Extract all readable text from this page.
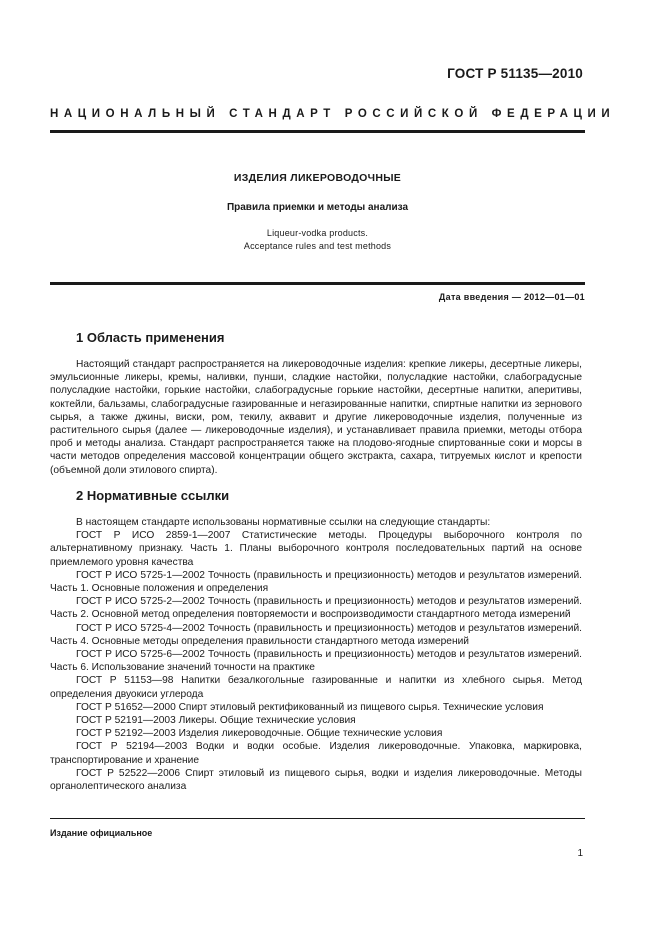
ГОСТ Р 51135—2010
НАЦИОНАЛЬНЫЙ СТАНДАРТ РОССИЙСКОЙ ФЕДЕРАЦИИ
ИЗДЕЛИЯ ЛИКЕРОВОДОЧНЫЕ
Правила приемки и методы анализа
Liqueur-vodka products.
Acceptance rules and test methods
Дата введения — 2012—01—01
1 Область применения

Настоящий стандарт распространяется на ликероводочные изделия: крепкие ликеры, десертные ликеры, эмульсионные ликеры, кремы, наливки, пунши, сладкие настойки, полусладкие настойки, слабоградусные полусладкие настойки, горькие настойки, слабоградусные горькие настойки, десертные напитки, аперитивы, коктейли, бальзамы, слабоградусные газированные и негазированные напитки, спиртные напитки из зернового сырья, а также джины, виски, ром, текилу, аквавит и другие ликероводочные изделия, полученные из растительного сырья (далее — ликероводочные изделия), и устанавливает правила приемки, методы отбора проб и методы анализа. Стандарт распространяется также на плодово-ягодные спиртованные соки и морсы в части методов определения массовой концентрации общего экстракта, сахара, титруемых кислот и крепости (объемной доли этилового спирта).

2 Нормативные ссылки

В настоящем стандарте использованы нормативные ссылки на следующие стандарты:

ГОСТ Р ИСО 2859-1—2007 Статистические методы. Процедуры выборочного контроля по альтернативному признаку. Часть 1. Планы выборочного контроля последовательных партий на основе приемлемого уровня качества

ГОСТ Р ИСО 5725-1—2002 Точность (правильность и прецизионность) методов и результатов измерений. Часть 1. Основные положения и определения

ГОСТ Р ИСО 5725-2—2002 Точность (правильность и прецизионность) методов и результатов измерений. Часть 2. Основной метод определения повторяемости и воспроизводимости стандартного метода измерений

ГОСТ Р ИСО 5725-4—2002 Точность (правильность и прецизионность) методов и результатов измерений. Часть 4. Основные методы определения правильности стандартного метода измерений

ГОСТ Р ИСО 5725-6—2002 Точность (правильность и прецизионность) методов и результатов измерений. Часть 6. Использование значений точности на практике

ГОСТ Р 51153—98 Напитки безалкогольные газированные и напитки из хлебного сырья. Метод определения двуокиси углерода

ГОСТ Р 51652—2000 Спирт этиловый ректификованный из пищевого сырья. Технические условия

ГОСТ Р 52191—2003 Ликеры. Общие технические условия

ГОСТ Р 52192—2003 Изделия ликероводочные. Общие технические условия

ГОСТ Р 52194—2003 Водки и водки особые. Изделия ликероводочные. Упаковка, маркировка, транспортирование и хранение

ГОСТ Р 52522—2006 Спирт этиловый из пищевого сырья, водки и изделия ликероводочные. Методы органолептического анализа

Издание официальное
1
